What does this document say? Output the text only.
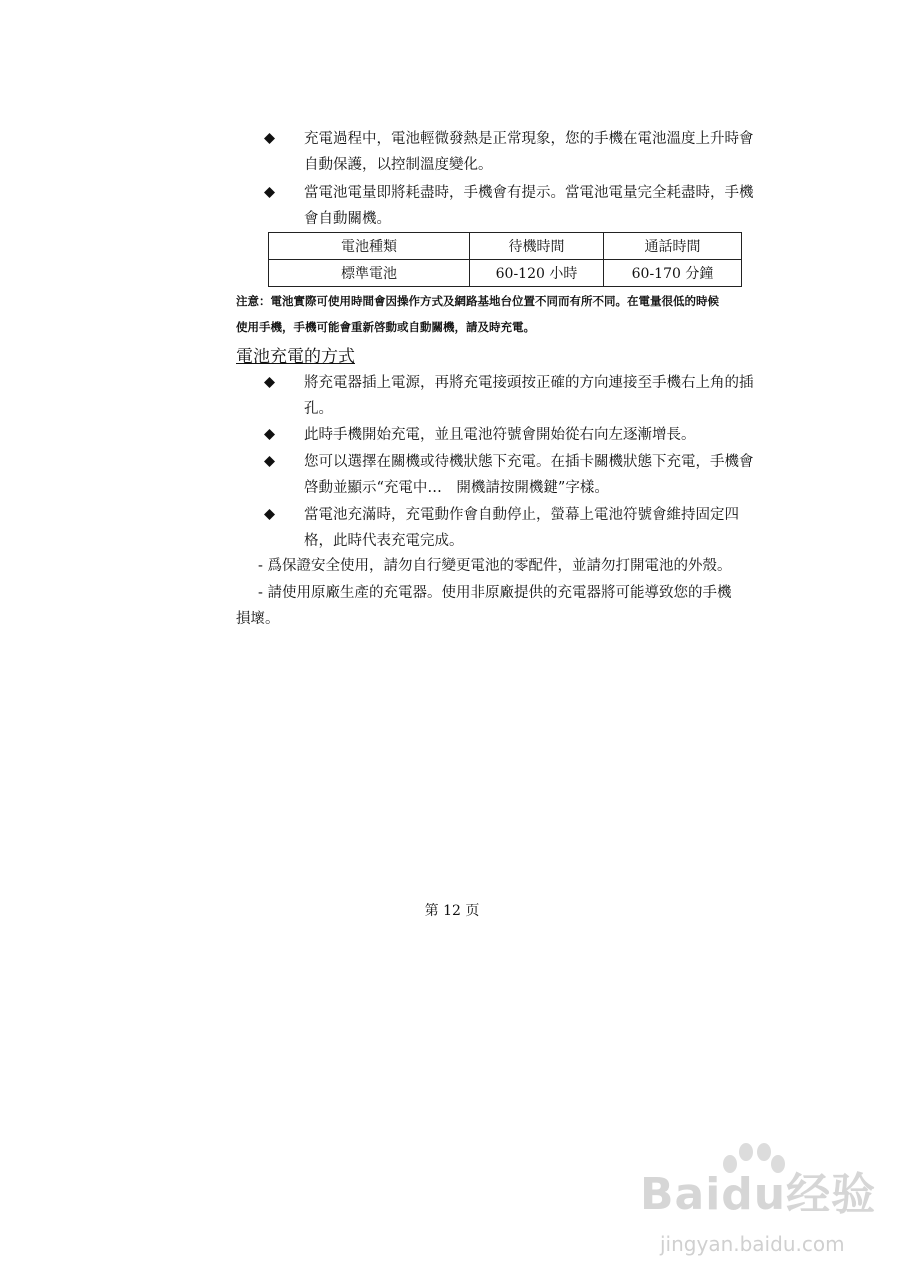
充電過程中，電池輕微發熱是正常現象，您的手機在電池溫度上升時會
自動保護，以控制溫度變化。
當電池電量即將耗盡時，手機會有提示。當電池電量完全耗盡時，手機
會自動關機。
電池種類	待機時間	通話時間
標準電池	60-120 小時	60-170 分鐘
注意：電池實際可使用時間會因操作方式及網路基地台位置不同而有所不同。在電量很低的時候
使用手機，手機可能會重新啓動或自動關機，請及時充電。
電池充電的方式
將充電器插上電源，再將充電接頭按正確的方向連接至手機右上角的插
孔。
此時手機開始充電，並且電池符號會開始從右向左逐漸增長。
您可以選擇在關機或待機狀態下充電。在插卡關機狀態下充電，手機會
啓動並顯示“充電中…　開機請按開機鍵”字樣。
當電池充滿時，充電動作會自動停止，螢幕上電池符號會維持固定四
格，此時代表充電完成。
- 爲保證安全使用，請勿自行變更電池的零配件，並請勿打開電池的外殼。
- 請使用原廠生產的充電器。使用非原廠提供的充電器將可能導致您的手機
損壞。
第 12 页
Baidu经验
jingyan.baidu.com
